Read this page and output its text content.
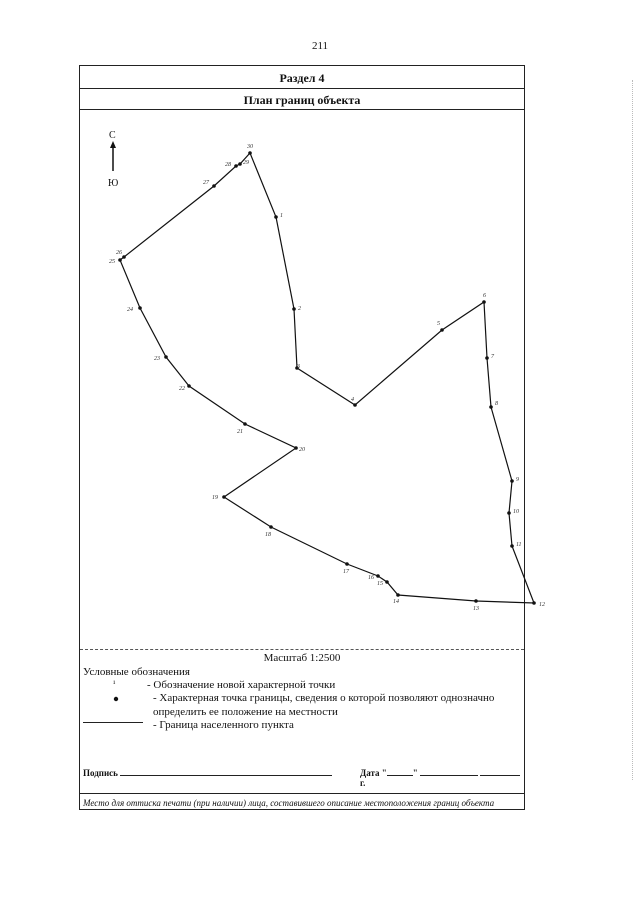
211
Раздел 4
План границ объекта
Масштаб 1:2500
Условные обозначения
¹	- Обозначение новой характерной точки
- Характерная точка границы, сведения о которой позволяют однозначно
определить ее положение на местности
- Граница населенного пункта
Подпись	Дата "	"  г.
Место для оттиска печати (при наличии) лица, составившего описание местоположения границ объекта
С
Ю
1
2
3
4
5
6
7
8
9
10
11
12
13
14
15
16
17
18
19
20
21
22
23
24
25
26
27
28 29
30
